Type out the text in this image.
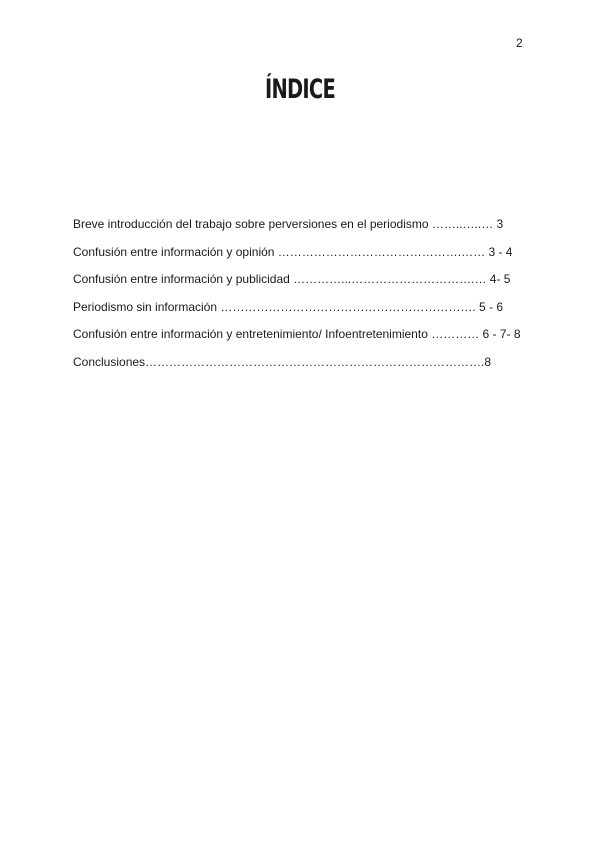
2
ÍNDICE
Breve introducción del trabajo sobre perversiones en el periodismo ……..…..… 3
Confusión entre información y opinión ……………………………………….…… 3 - 4
Confusión entre información y publicidad …………...………………………….… 4- 5
Periodismo sin información ………………………………………………………. 5 - 6
Confusión entre información y entretenimiento/ Infoentretenimiento ………… 6 - 7- 8
Conclusiones………………………………………………………………………….8
